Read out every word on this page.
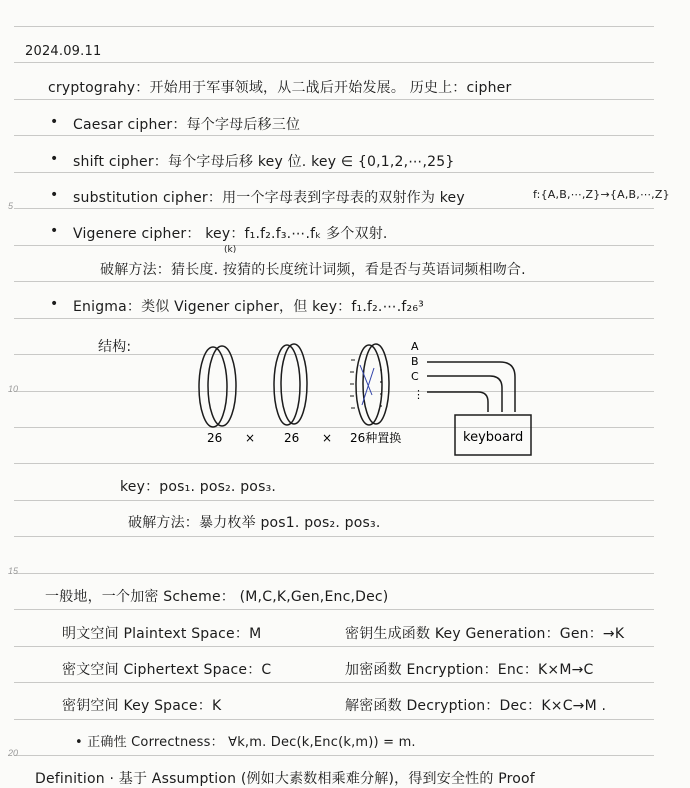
5
10
15
20
2024.09.11
cryptograhy：开始用于军事领域，从二战后开始发展。 历史上：cipher
• Caesar cipher：每个字母后移三位
• shift cipher：每个字母后移 key 位. key ∈ {0,1,2,⋯,25}
• substitution cipher：用一个字母表到字母表的双射作为 key	f:{A,B,⋯,Z}→{A,B,⋯,Z}
• Vigenere cipher： key：f₁.f₂.f₃.⋯.fₖ 多个双射.
(k)
破解方法：猜长度. 按猜的长度统计词频，看是否与英语词频相吻合.
• Enigma：类似 Vigener cipher，但 key：f₁.f₂.⋯.f₂₆³
结构:
26 × 26 × 26种置换
A
B
C
⋮
keyboard
key：pos₁. pos₂. pos₃.
破解方法：暴力枚举 pos1. pos₂. pos₃.
一般地，一个加密 Scheme： (M,C,K,Gen,Enc,Dec)
明文空间 Plaintext Space：M
密文空间 Ciphertext Space：C
密钥空间 Key Space：K
密钥生成函数 Key Generation：Gen：→K
加密函数 Encryption：Enc：K×M→C
解密函数 Decryption：Dec：K×C→M .
• 正确性 Correctness： ∀k,m. Dec(k,Enc(k,m)) = m.
Definition · 基于 Assumption (例如大素数相乘难分解)，得到安全性的 Proof
